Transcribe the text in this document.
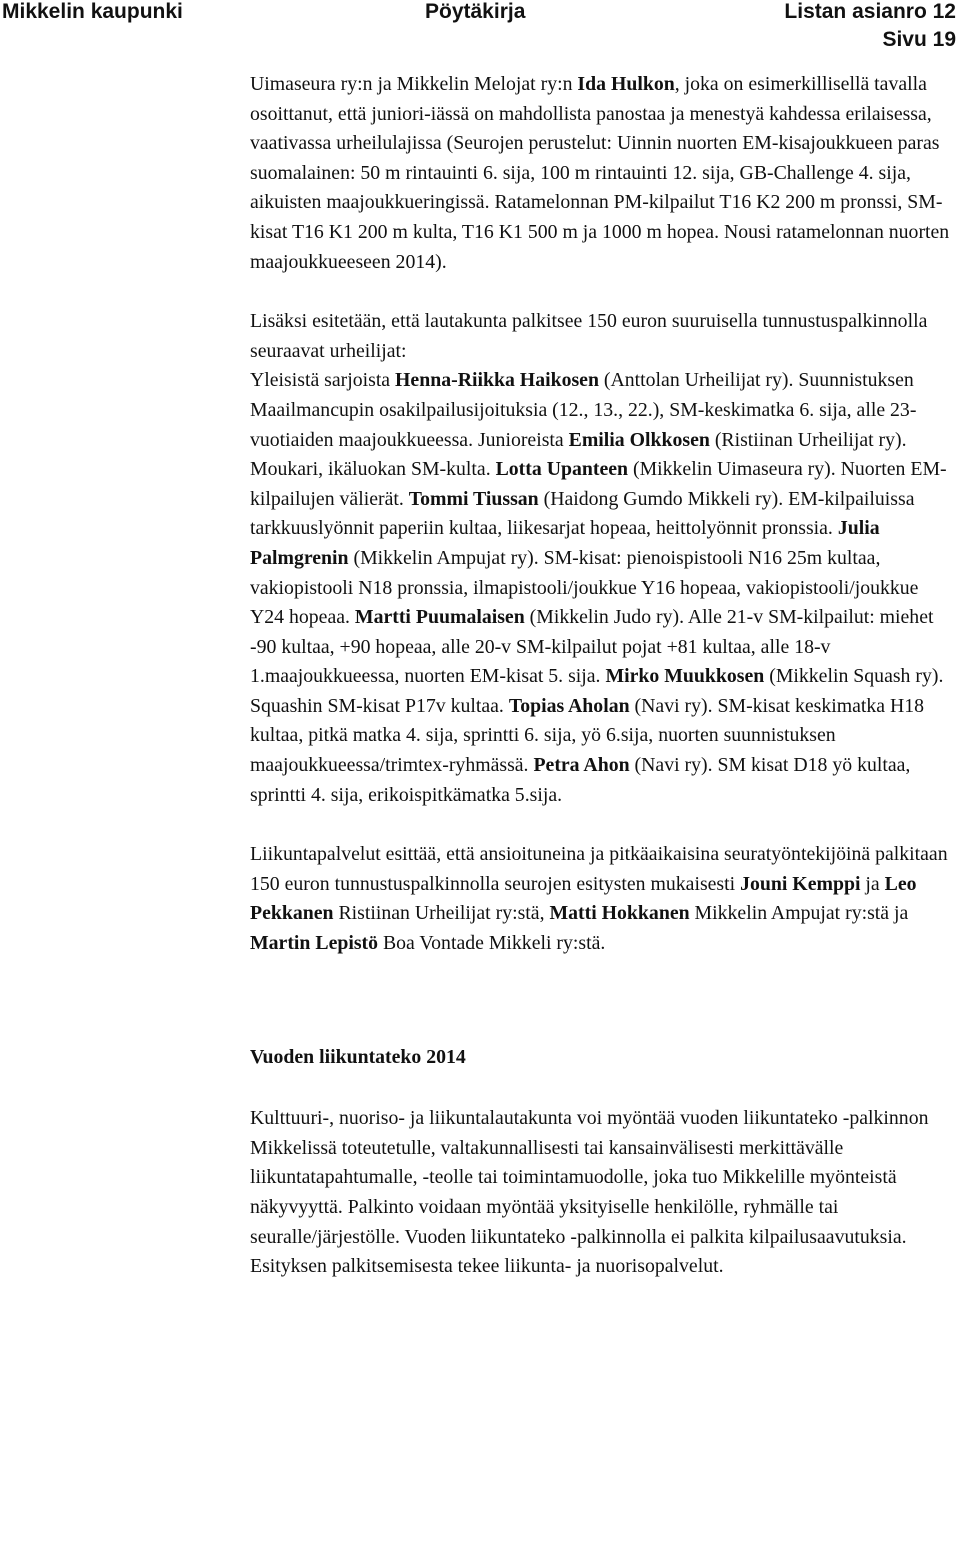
Mikkelin kaupunki	Pöytäkirja	Listan asianro 12
Sivu 19

Uimaseura ry:n ja Mikkelin Melojat ry:n Ida Hulkon, joka on esimerkillisellä tavalla osoittanut, että juniori-iässä on mahdollista panostaa ja menestyä kahdessa erilaisessa, vaativassa urheilulajissa (Seurojen perustelut: Uinnin nuorten EM-kisajoukkueen paras suomalainen: 50 m rintauinti 6. sija, 100 m rintauinti 12. sija, GB-Challenge 4. sija, aikuisten maajoukkueringissä. Ratamelonnan PM-kilpailut T16 K2 200 m pronssi, SM-kisat T16 K1 200 m kulta, T16 K1 500 m ja 1000 m hopea. Nousi ratamelonnan nuorten maajoukkueeseen 2014).

Lisäksi esitetään, että lautakunta palkitsee 150 euron suuruisella tunnustuspalkinnolla seuraavat urheilijat:
Yleisistä sarjoista Henna-Riikka Haikosen (Anttolan Urheilijat ry). Suunnistuksen Maailmancupin osakilpailusijoituksia (12., 13., 22.), SM-keskimatka 6. sija, alle 23-vuotiaiden maajoukkueessa. Junioreista Emilia Olkkosen (Ristiinan Urheilijat ry). Moukari, ikäluokan SM-kulta. Lotta Upanteen (Mikkelin Uimaseura ry). Nuorten EM-kilpailujen välierät. Tommi Tiussan (Haidong Gumdo Mikkeli ry). EM-kilpailuissa tarkkuuslyönnit paperiin kultaa, liikesarjat hopeaa, heittolyönnit pronssia. Julia Palmgrenin (Mikkelin Ampujat ry). SM-kisat: pienoispistooli N16 25m kultaa, vakiopistooli N18 pronssia, ilmapistooli/joukkue Y16 hopeaa, vakiopistooli/joukkue Y24 hopeaa. Martti Puumalaisen (Mikkelin Judo ry). Alle 21-v SM-kilpailut: miehet -90 kultaa, +90 hopeaa, alle 20-v SM-kilpailut pojat +81 kultaa, alle 18-v 1.maajoukkueessa, nuorten EM-kisat 5. sija. Mirko Muukkosen (Mikkelin Squash ry). Squashin SM-kisat P17v kultaa. Topias Aholan (Navi ry). SM-kisat keskimatka H18 kultaa, pitkä matka 4. sija, sprintti 6. sija, yö 6.sija, nuorten suunnistuksen maajoukkueessa/trimtex-ryhmässä. Petra Ahon (Navi ry). SM kisat D18 yö kultaa, sprintti 4. sija, erikoispitkämatka 5.sija.

Liikuntapalvelut esittää, että ansioituneina ja pitkäaikaisina seuratyöntekijöinä palkitaan 150 euron tunnustuspalkinnolla seurojen esitysten mukaisesti Jouni Kemppi ja Leo Pekkanen Ristiinan Urheilijat ry:stä, Matti Hokkanen Mikkelin Ampujat ry:stä ja Martin Lepistö Boa Vontade Mikkeli ry:stä.

Vuoden liikuntateko 2014

Kulttuuri-, nuoriso- ja liikuntalautakunta voi myöntää vuoden liikuntateko -palkinnon Mikkelissä toteutetulle, valtakunnallisesti tai kansainvälisesti merkittävälle liikuntatapahtumalle, -teolle tai toimintamuodolle, joka tuo Mikkelille myönteistä näkyvyyttä. Palkinto voidaan myöntää yksityiselle henkilölle, ryhmälle tai seuralle/järjestölle. Vuoden liikuntateko -palkinnolla ei palkita kilpailusaavutuksia. Esityksen palkitsemisesta tekee liikunta- ja nuorisopalvelut.
